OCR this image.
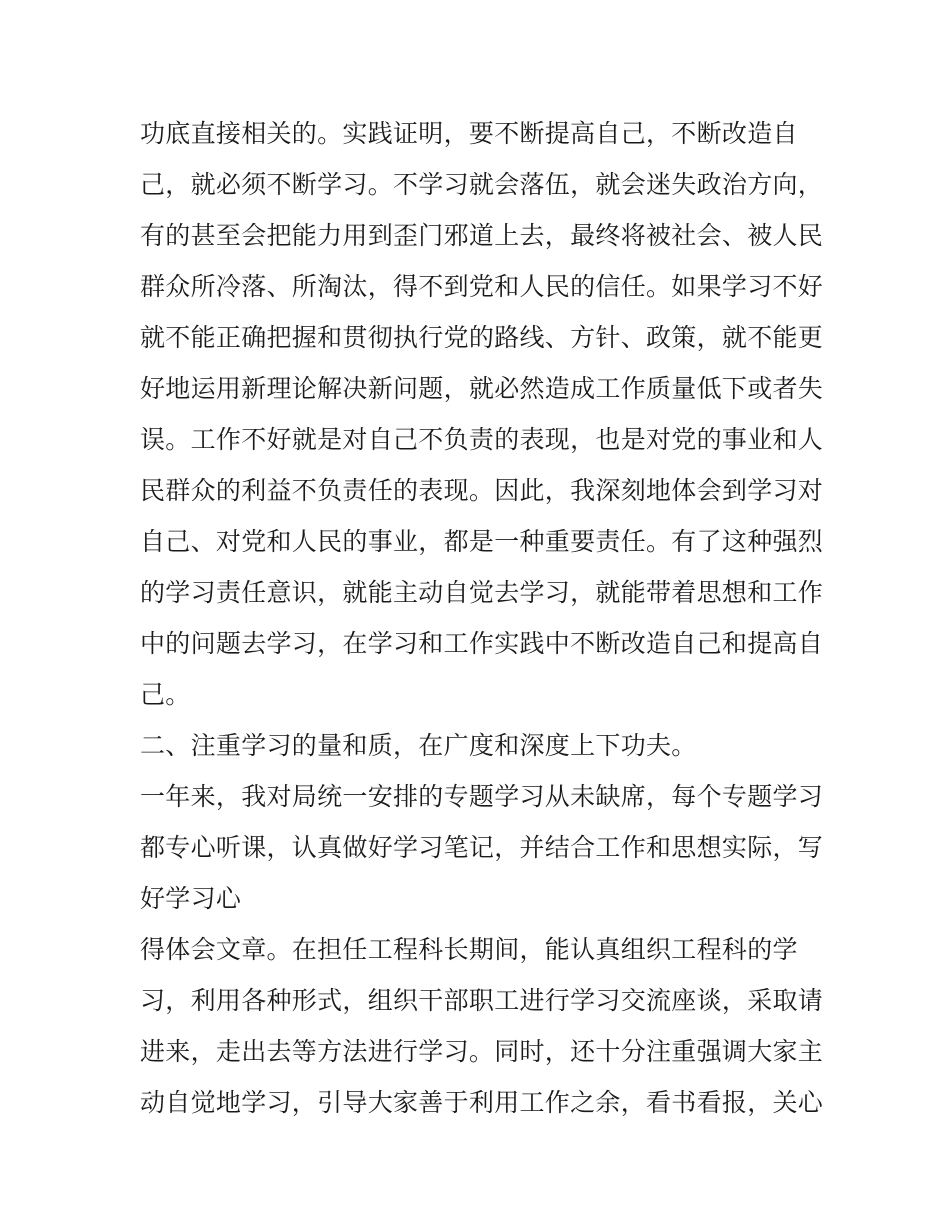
功底直接相关的。实践证明，要不断提高自己，不断改造自
己，就必须不断学习。不学习就会落伍，就会迷失政治方向，
有的甚至会把能力用到歪门邪道上去，最终将被社会、被人民
群众所冷落、所淘汰，得不到党和人民的信任。如果学习不好
就不能正确把握和贯彻执行党的路线、方针、政策，就不能更
好地运用新理论解决新问题，就必然造成工作质量低下或者失
误。工作不好就是对自己不负责的表现，也是对党的事业和人
民群众的利益不负责任的表现。因此，我深刻地体会到学习对
自己、对党和人民的事业，都是一种重要责任。有了这种强烈
的学习责任意识，就能主动自觉去学习，就能带着思想和工作
中的问题去学习，在学习和工作实践中不断改造自己和提高自
己。
二、注重学习的量和质，在广度和深度上下功夫。
一年来，我对局统一安排的专题学习从未缺席，每个专题学习
都专心听课，认真做好学习笔记，并结合工作和思想实际，写
好学习心
得体会文章。在担任工程科长期间，能认真组织工程科的学
习，利用各种形式，组织干部职工进行学习交流座谈，采取请
进来，走出去等方法进行学习。同时，还十分注重强调大家主
动自觉地学习，引导大家善于利用工作之余，看书看报，关心
